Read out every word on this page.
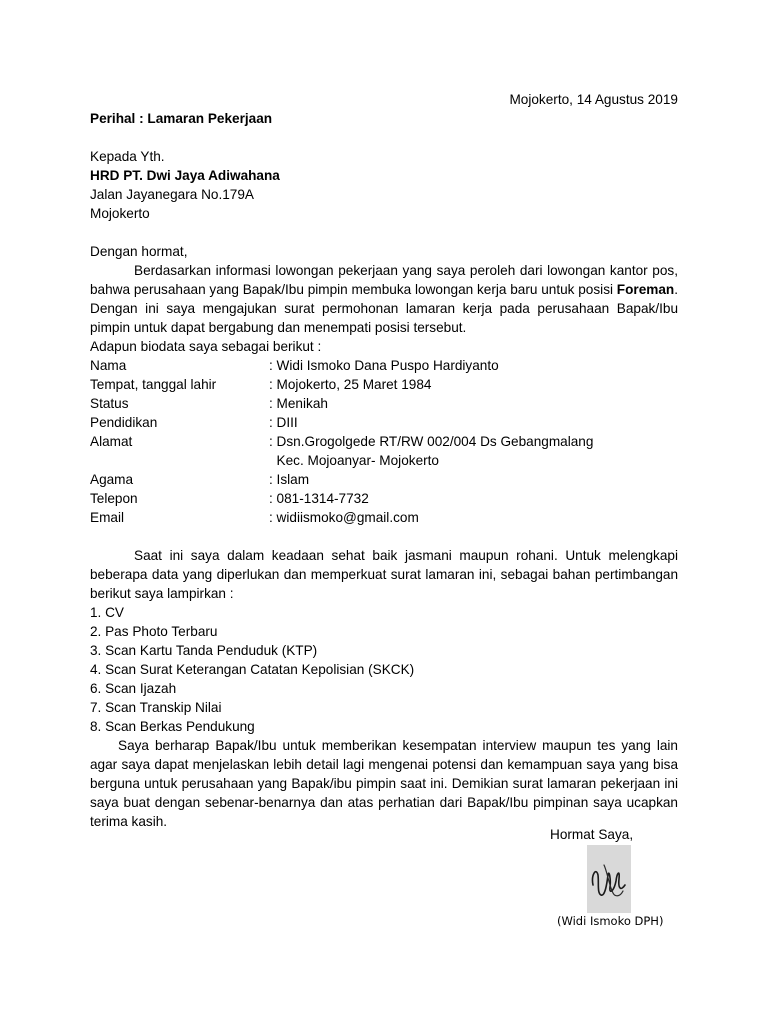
Mojokerto, 14 Agustus 2019
Perihal : Lamaran Pekerjaan
Kepada Yth.
HRD PT. Dwi Jaya Adiwahana
Jalan Jayanegara No.179A
Mojokerto
Dengan hormat,
Berdasarkan informasi lowongan pekerjaan yang saya peroleh dari lowongan kantor pos, bahwa perusahaan yang Bapak/Ibu pimpin membuka lowongan kerja baru untuk posisi Foreman. Dengan ini saya mengajukan surat permohonan lamaran kerja pada perusahaan Bapak/Ibu pimpin untuk dapat bergabung dan menempati posisi tersebut.
Adapun biodata saya sebagai berikut :
Nama	: Widi Ismoko Dana Puspo Hardiyanto
Tempat, tanggal lahir	: Mojokerto, 25 Maret 1984
Status	: Menikah
Pendidikan	: DIII
Alamat	: Dsn.Grogolgede RT/RW 002/004 Ds Gebangmalang
Kec. Mojoanyar- Mojokerto
Agama	: Islam
Telepon	: 081-1314-7732
Email	: widiismoko@gmail.com
Saat ini saya dalam keadaan sehat baik jasmani maupun rohani. Untuk melengkapi beberapa data yang diperlukan dan memperkuat surat lamaran ini, sebagai bahan pertimbangan berikut saya lampirkan :
1. CV
2. Pas Photo Terbaru
3. Scan Kartu Tanda Penduduk (KTP)
4. Scan Surat Keterangan Catatan Kepolisian (SKCK)
6. Scan Ijazah
7. Scan Transkip Nilai
8. Scan Berkas Pendukung
Saya berharap Bapak/Ibu untuk memberikan kesempatan interview maupun tes yang lain agar saya dapat menjelaskan lebih detail lagi mengenai potensi dan kemampuan saya yang bisa berguna untuk perusahaan yang Bapak/ibu pimpin saat ini. Demikian surat lamaran pekerjaan ini saya buat dengan sebenar-benarnya dan atas perhatian dari Bapak/Ibu pimpinan saya ucapkan terima kasih.
Hormat Saya,
(Widi Ismoko DPH)
